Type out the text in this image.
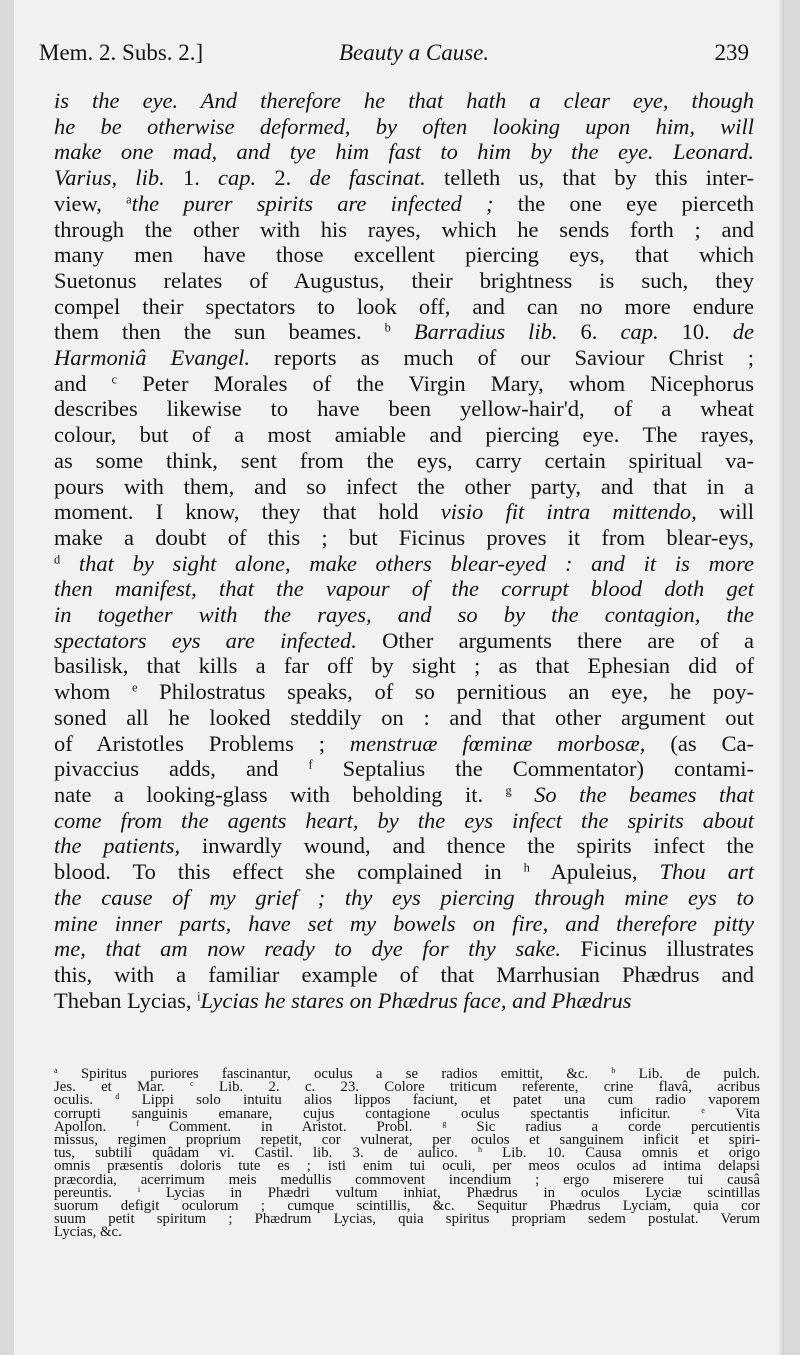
Mem. 2. Subs. 2.]	Beauty a Cause.	239
is the eye. And therefore he that hath a clear eye, though
he be otherwise deformed, by often looking upon him, will
make one mad, and tye him fast to him by the eye. Leonard.
Varius, lib. 1. cap. 2. de fascinat. telleth us, that by this inter-
view, $^a$the purer spirits are infected ; the one eye pierceth
through the other with his rayes, which he sends forth ; and
many men have those excellent piercing eys, that which
Suetonus relates of Augustus, their brightness is such, they
compel their spectators to look off, and can no more endure
them then the sun beames. $^b$ Barradius lib. 6. cap. 10. de
Harmoniâ Evangel. reports as much of our Saviour Christ ;
and $^c$ Peter Morales of the Virgin Mary, whom Nicephorus
describes likewise to have been yellow-hair'd, of a wheat
colour, but of a most amiable and piercing eye. The rayes,
as some think, sent from the eys, carry certain spiritual va-
pours with them, and so infect the other party, and that in a
moment. I know, they that hold visio fit intra mittendo, will
make a doubt of this ; but Ficinus proves it from blear-eys,
$^d$ that by sight alone, make others blear-eyed : and it is more
then manifest, that the vapour of the corrupt blood doth get
in together with the rayes, and so by the contagion, the
spectators eys are infected. Other arguments there are of a
basilisk, that kills a far off by sight ; as that Ephesian did of
whom $^e$ Philostratus speaks, of so pernitious an eye, he poy-
soned all he looked steddily on : and that other argument out
of Aristotles Problems ; menstruæ fœminæ morbosæ, (as Ca-
pivaccius adds, and $^f$ Septalius the Commentator) contami-
nate a looking-glass with beholding it. $^g$ So the beames that
come from the agents heart, by the eys infect the spirits about
the patients, inwardly wound, and thence the spirits infect the
blood. To this effect she complained in $^h$ Apuleius, Thou art
the cause of my grief ; thy eys piercing through mine eys to
mine inner parts, have set my bowels on fire, and therefore pitty
me, that am now ready to dye for thy sake. Ficinus illustrates
this, with a familiar example of that Marrhusian Phædrus and
Theban Lycias, $^i$Lycias he stares on Phædrus face, and Phædrus
$^a$ Spiritus puriores fascinantur, oculus a se radios emittit, &c. $^b$ Lib. de pulch.
Jes. et Mar. $^c$ Lib. 2. c. 23. Colore triticum referente, crine flavâ, acribus
oculis. $^d$ Lippi solo intuitu alios lippos faciunt, et patet una cum radio vaporem
corrupti sanguinis emanare, cujus contagione oculus spectantis inficitur. $^e$ Vita
Apollon. $^f$ Comment. in Aristot. Probl. $^g$ Sic radius a corde percutientis
missus, regimen proprium repetit, cor vulnerat, per oculos et sanguinem inficit et spiri-
tus, subtili quâdam vi. Castil. lib. 3. de aulico. $^h$ Lib. 10. Causa omnis et origo
omnis præsentis doloris tute es ; isti enim tui oculi, per meos oculos ad intima delapsi
præcordia, acerrimum meis medullis commovent incendium ; ergo miserere tui causâ
pereuntis. $^i$ Lycias in Phædri vultum inhiat, Phædrus in oculos Lyciæ scintillas
suorum defigit oculorum ; cumque scintillis, &c. Sequitur Phædrus Lyciam, quia cor
suum petit spiritum ; Phædrum Lycias, quia spiritus propriam sedem postulat. Verum
Lycias, &c.
